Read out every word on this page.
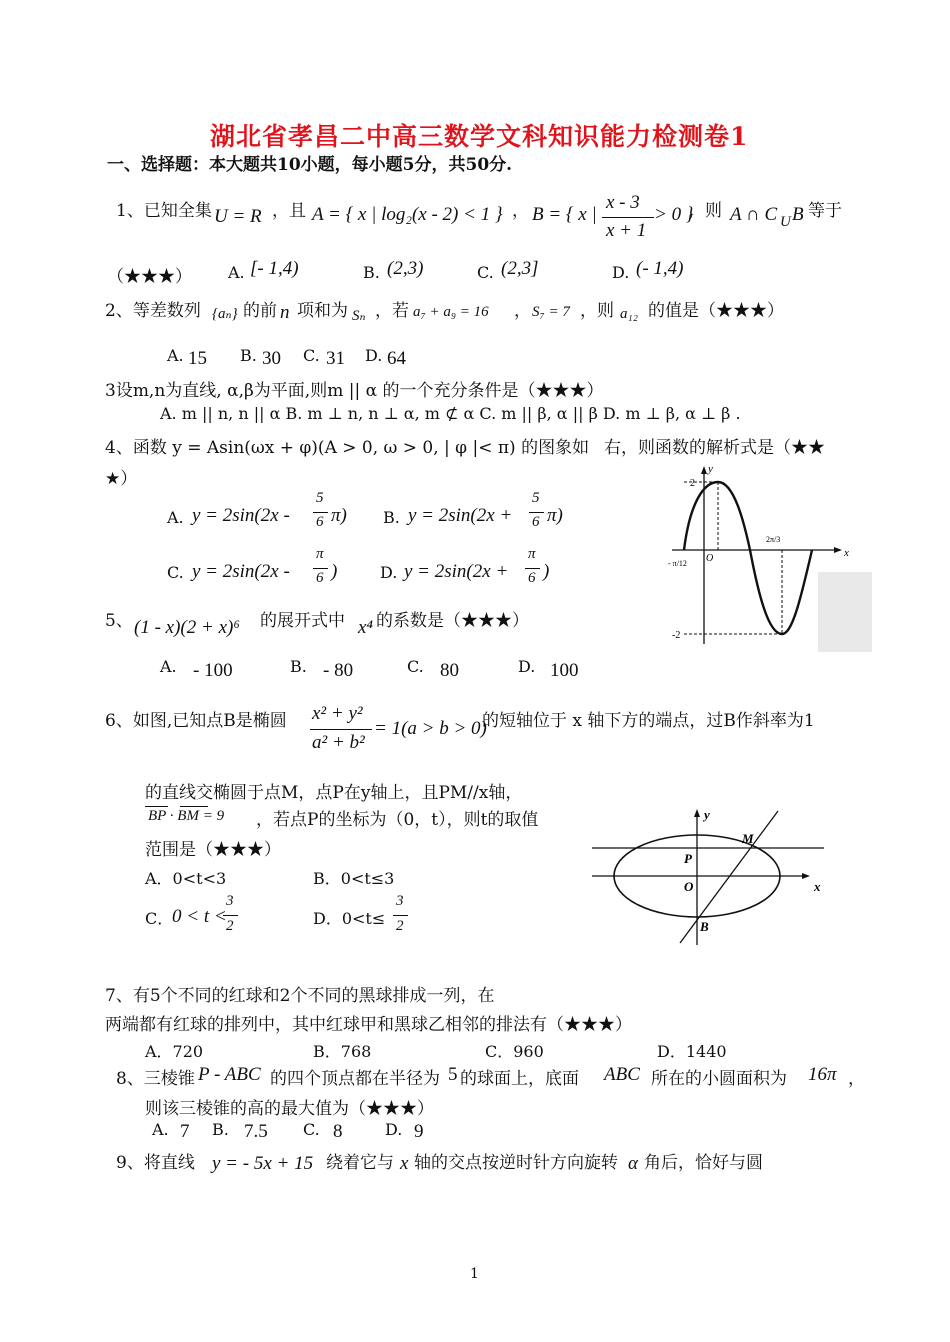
湖北省孝昌二中高三数学文科知识能力检测卷1
一、选择题：本大题共10小题，每小题5分，共50分.
1、已知全集 U = R ，且 A = { x | log₂(x - 2) < 1 } ， B = { x |
x - 3
x + 1
> 0 }
，则 A ∩ C U B 等于
（★★★） A. [- 1,4)	B. (2,3)	C. (2,3]	D. (- 1,4)
2、等差数列 {aₙ} 的前 n 项和为 Sₙ ，若 a₇ + a₉ = 16 ， S₇ = 7 ，则 a₁₂ 的值是（★★★）
A. 15 B. 30 C. 31 D. 64
3设m,n为直线, α,β为平面,则m || α 的一个充分条件是（★★★）
A. m || n, n || α B. m ⊥ n, n ⊥ α, m ⊄ α C. m || β, α || β D. m ⊥ β, α ⊥ β .
4、函数 y = Asin(ωx + φ)(A > 0, ω > 0, | φ |< π) 的图象如 右，则函数的解析式是（★★
★）
A. y = 2sin(2x -
5
6 π) B. y = 2sin(2x +
5
6 π)
C. y = 2sin(2x -
π
6 )	D. y = 2sin(2x +
π
6 )
y
x
2
-2
O
- π/12
2π/3
5、 (1 - x)(2 + x)⁶ 的展开式中 x⁴ 的系数是（★★★）
A. - 100	B. - 80	C. 80	D. 100
6、如图,已知点B是椭圆 x² + y²
a² + b²
= 1(a > b > 0)
的短轴位于 x 轴下方的端点，过B作斜率为1
的直线交椭圆于点M，点P在y轴上，且PM//x轴，
BP · BM = 9 ，若点P的坐标为（0，t），则t的取值
范围是（★★★）
A．0<t<3	B．0<t≤3
C．
0 < t <
3
2	D．0<t≤
3
2
y
x
M
P
O
B
7、有5个不同的红球和2个不同的黑球排成一列，在
两端都有红球的排列中，其中红球甲和黑球乙相邻的排法有（★★★）
A．720	B．768	C．960	D．1440
8、三棱锥 P - ABC 的四个顶点都在半径为 5 的球面上，底面 ABC 所在的小圆面积为 16π ，
则该三棱锥的高的最大值为（★★★）
A. 7 B. 7.5 C. 8	D. 9
9、将直线 y = - 5x + 15 绕着它与 x 轴的交点按逆时针方向旋转 α 角后，恰好与圆
1
